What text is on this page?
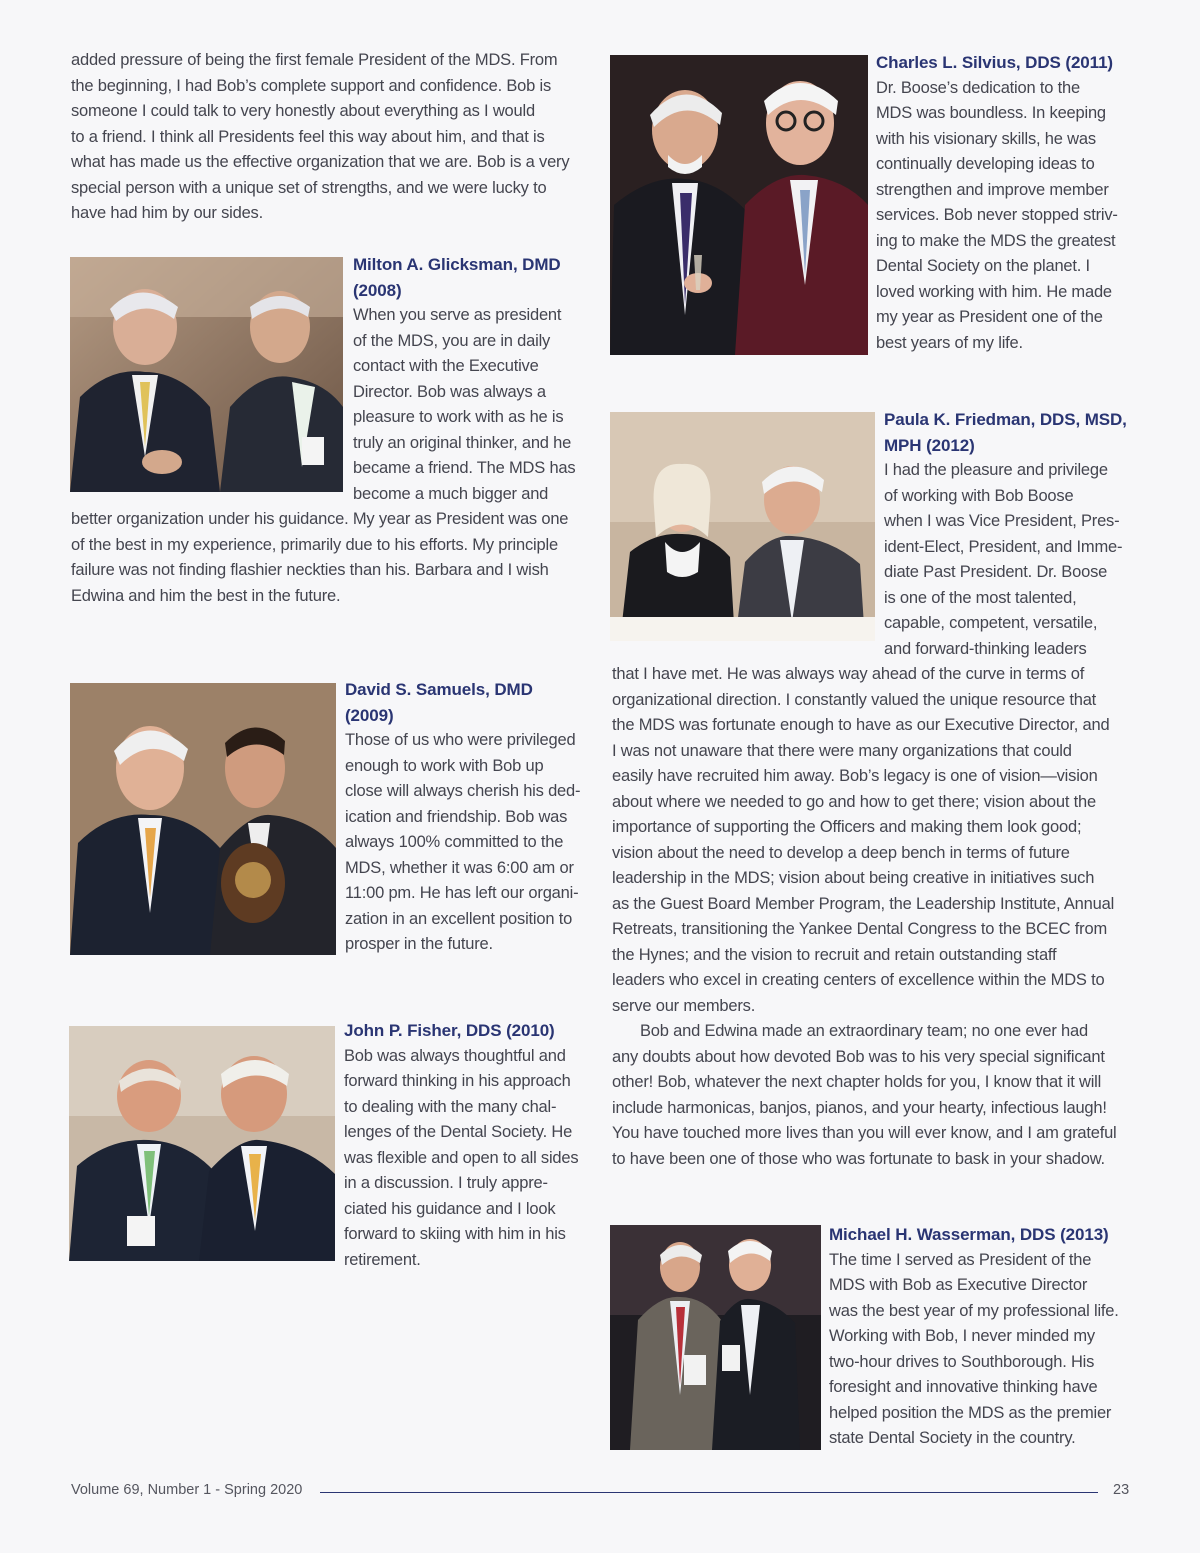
added pressure of being the first female President of the MDS. From

the beginning, I had Bob’s complete support and confidence. Bob is

someone I could talk to very honestly about everything as I would

to a friend. I think all Presidents feel this way about him, and that is

what has made us the effective organization that we are. Bob is a very

special person with a unique set of strengths, and we were lucky to

have had him by our sides.

Milton A. Glicksman, DMD

(2008)

When you serve as president

of the MDS, you are in daily

contact with the Executive

Director. Bob was always a

pleasure to work with as he is

truly an original thinker, and he

became a friend. The MDS has

become a much bigger and

better organization under his guidance. My year as President was one

of the best in my experience, primarily due to his efforts. My principle

failure was not finding flashier neckties than his. Barbara and I wish

Edwina and him the best in the future.

David S. Samuels, DMD

(2009)

Those of us who were privileged

enough to work with Bob up

close will always cherish his ded-

ication and friendship. Bob was

always 100% committed to the

MDS, whether it was 6:00 am or

11:00 pm. He has left our organi-

zation in an excellent position to

prosper in the future.

John P. Fisher, DDS (2010)

Bob was always thoughtful and

forward thinking in his approach

to dealing with the many chal-

lenges of the Dental Society. He

was flexible and open to all sides

in a discussion. I truly appre-

ciated his guidance and I look

forward to skiing with him in his

retirement.

Charles L. Silvius, DDS (2011)

Dr. Boose’s dedication to the

MDS was boundless. In keeping

with his visionary skills, he was

continually developing ideas to

strengthen and improve member

services. Bob never stopped striv-

ing to make the MDS the greatest

Dental Society on the planet. I

loved working with him. He made

my year as President one of the

best years of my life.

Paula K. Friedman, DDS, MSD,

MPH (2012)

I had the pleasure and privilege

of working with Bob Boose

when I was Vice President, Pres-

ident-Elect, President, and Imme-

diate Past President. Dr. Boose

is one of the most talented,

capable, competent, versatile,

and forward-thinking leaders

that I have met. He was always way ahead of the curve in terms of

organizational direction. I constantly valued the unique resource that

the MDS was fortunate enough to have as our Executive Director, and

I was not unaware that there were many organizations that could

easily have recruited him away. Bob’s legacy is one of vision—vision

about where we needed to go and how to get there; vision about the

importance of supporting the Officers and making them look good;

vision about the need to develop a deep bench in terms of future

leadership in the MDS; vision about being creative in initiatives such

as the Guest Board Member Program, the Leadership Institute, Annual

Retreats, transitioning the Yankee Dental Congress to the BCEC from

the Hynes; and the vision to recruit and retain outstanding staff

leaders who excel in creating centers of excellence within the MDS to

serve our members.

Bob and Edwina made an extraordinary team; no one ever had

any doubts about how devoted Bob was to his very special significant

other! Bob, whatever the next chapter holds for you, I know that it will

include harmonicas, banjos, pianos, and your hearty, infectious laugh!

You have touched more lives than you will ever know, and I am grateful

to have been one of those who was fortunate to bask in your shadow.

Michael H. Wasserman, DDS (2013)

The time I served as President of the

MDS with Bob as Executive Director

was the best year of my professional life.

Working with Bob, I never minded my

two-hour drives to Southborough. His

foresight and innovative thinking have

helped position the MDS as the premier

state Dental Society in the country.

Volume 69, Number 1 - Spring 2020	23
